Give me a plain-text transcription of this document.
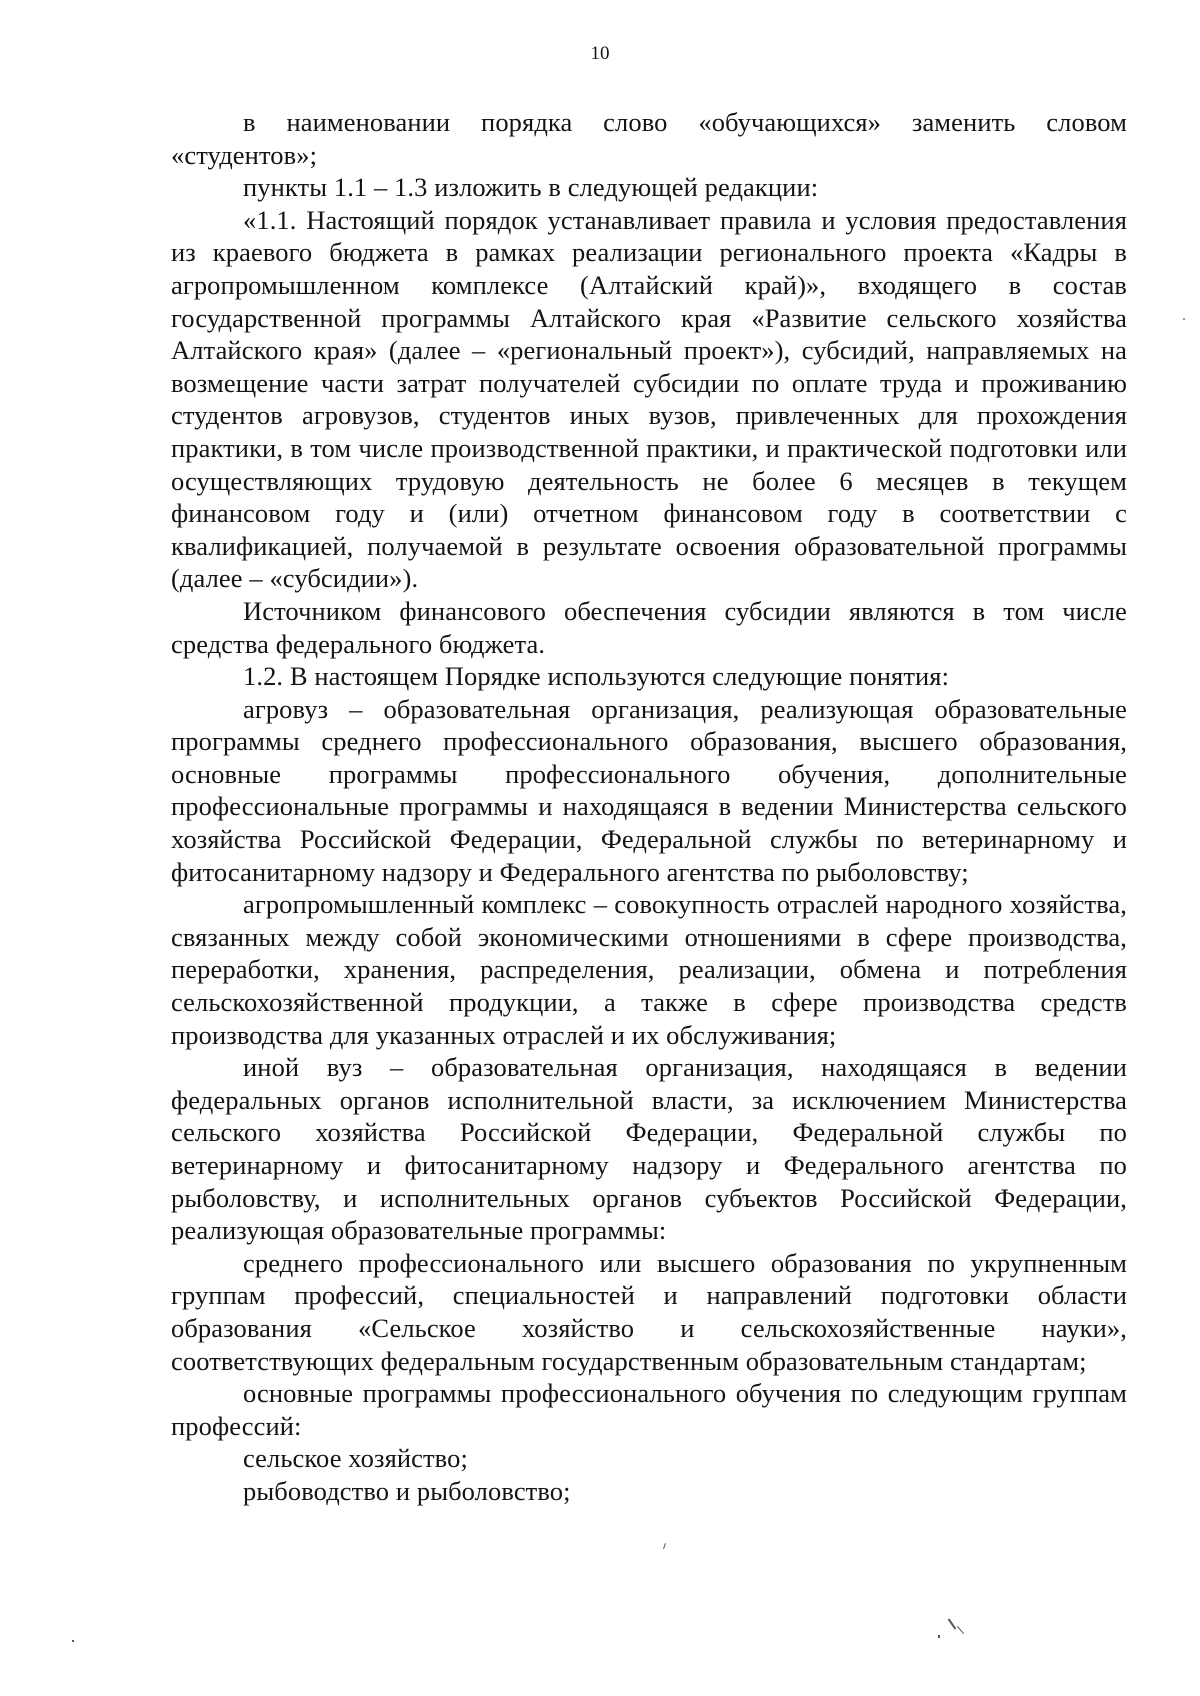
10

в наименовании порядка слово «обучающихся» заменить словом «студентов»;

пункты 1.1 – 1.3 изложить в следующей редакции:

«1.1. Настоящий порядок устанавливает правила и условия предоставления из краевого бюджета в рамках реализации регионального проекта «Кадры в агропромышленном комплексе (Алтайский край)», входящего в состав государственной программы Алтайского края «Развитие сельского хозяйства Алтайского края» (далее – «региональный проект»), субсидий, направляемых на возмещение части затрат получателей субсидии по оплате труда и проживанию студентов агровузов, студентов иных вузов, привлеченных для прохождения практики, в том числе производственной практики, и практической подготовки или осуществляющих трудовую деятельность не более 6 месяцев в текущем финансовом году и (или) отчетном финансовом году в соответствии с квалификацией, получаемой в результате освоения образовательной программы (далее – «субсидии»).

Источником финансового обеспечения субсидии являются в том числе средства федерального бюджета.

1.2. В настоящем Порядке используются следующие понятия:

агровуз – образовательная организация, реализующая образовательные программы среднего профессионального образования, высшего образования, основные программы профессионального обучения, дополнительные профессиональные программы и находящаяся в ведении Министерства сельского хозяйства Российской Федерации, Федеральной службы по ветеринарному и фитосанитарному надзору и Федерального агентства по рыболовству;

агропромышленный комплекс – совокупность отраслей народного хозяйства, связанных между собой экономическими отношениями в сфере производства, переработки, хранения, распределения, реализации, обмена и потребления сельскохозяйственной продукции, а также в сфере производства средств производства для указанных отраслей и их обслуживания;

иной вуз – образовательная организация, находящаяся в ведении федеральных органов исполнительной власти, за исключением Министерства сельского хозяйства Российской Федерации, Федеральной службы по ветеринарному и фитосанитарному надзору и Федерального агентства по рыболовству, и исполнительных органов субъектов Российской Федерации, реализующая образовательные программы:

среднего профессионального или высшего образования по укрупненным группам профессий, специальностей и направлений подготовки области образования «Сельское хозяйство и сельскохозяйственные науки», соответствующих федеральным государственным образовательным стандартам;

основные программы профессионального обучения по следующим группам профессий:

сельское хозяйство;

рыбоводство и рыболовство;
